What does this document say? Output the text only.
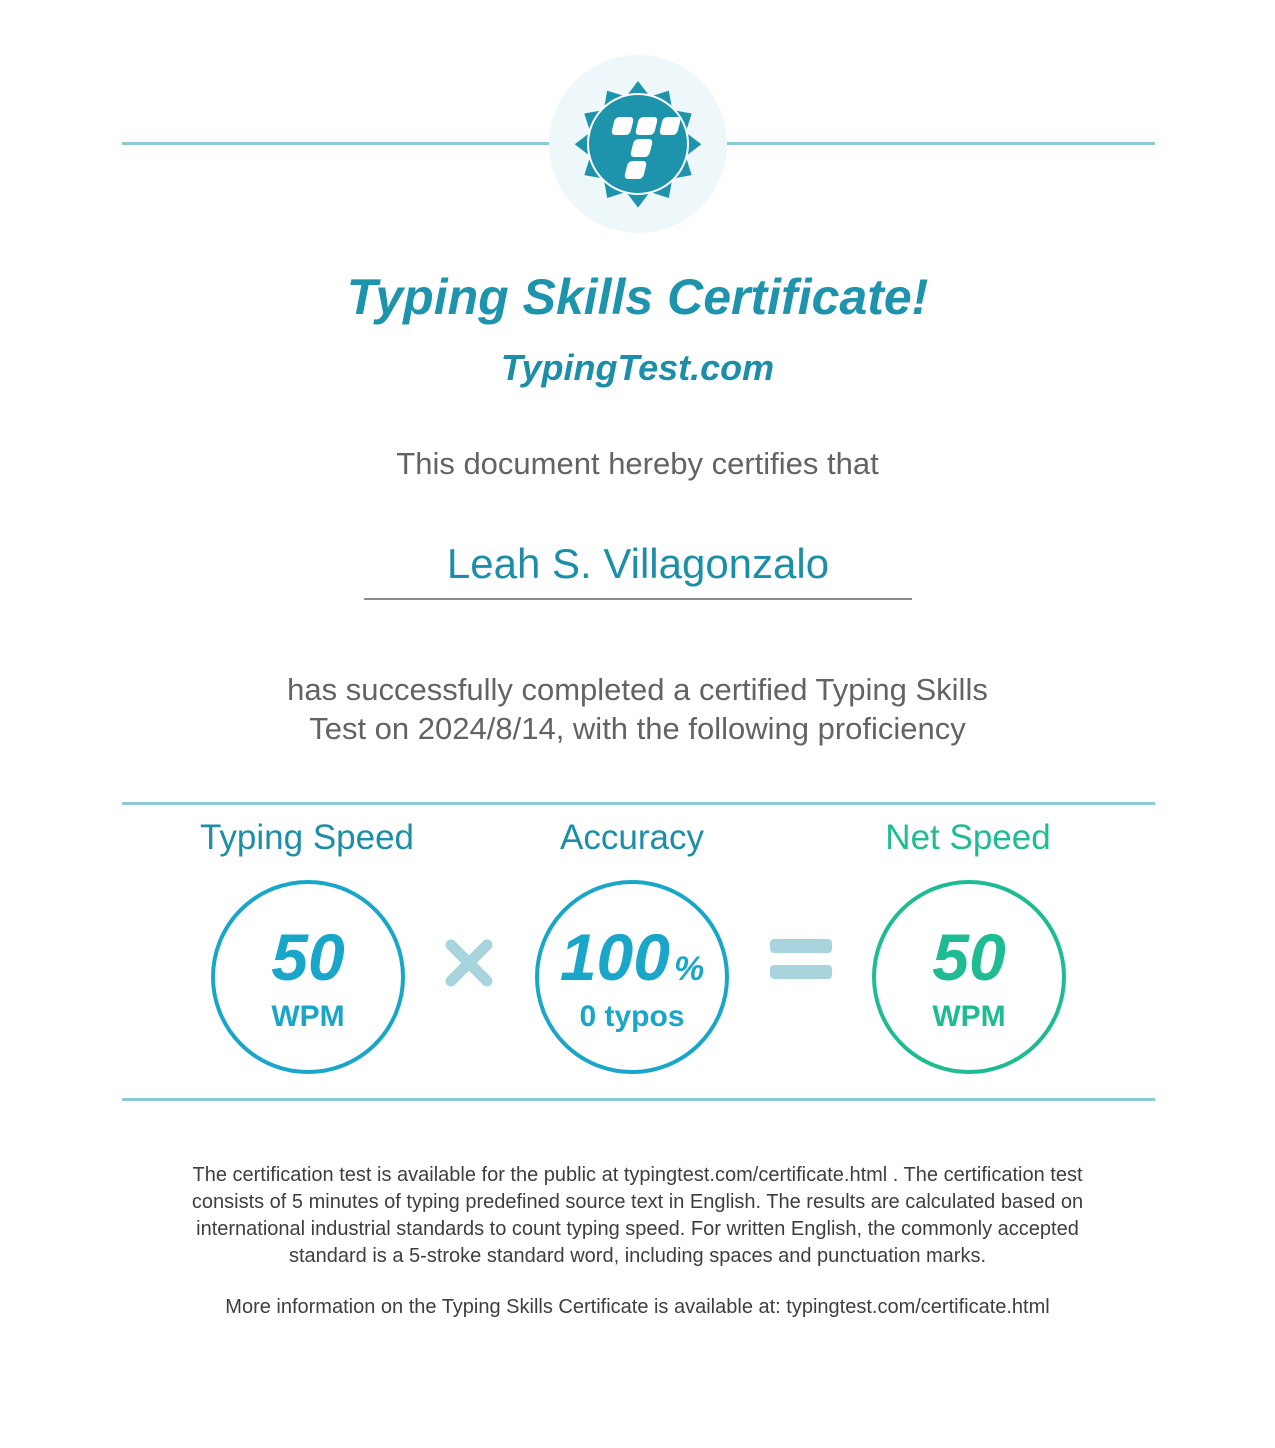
Typing Skills Certificate!
TypingTest.com
This document hereby certifies that
Leah S. Villagonzalo
has successfully completed a certified Typing Skills
Test on 2024/8/14, with the following proficiency
Typing Speed	Accuracy	Net Speed
50
WPM
100 %
0 typos
50
WPM
The certification test is available for the public at typingtest.com/certificate.html . The certification test
consists of 5 minutes of typing predefined source text in English. The results are calculated based on
international industrial standards to count typing speed. For written English, the commonly accepted
standard is a 5-stroke standard word, including spaces and punctuation marks.
More information on the Typing Skills Certificate is available at: typingtest.com/certificate.html
